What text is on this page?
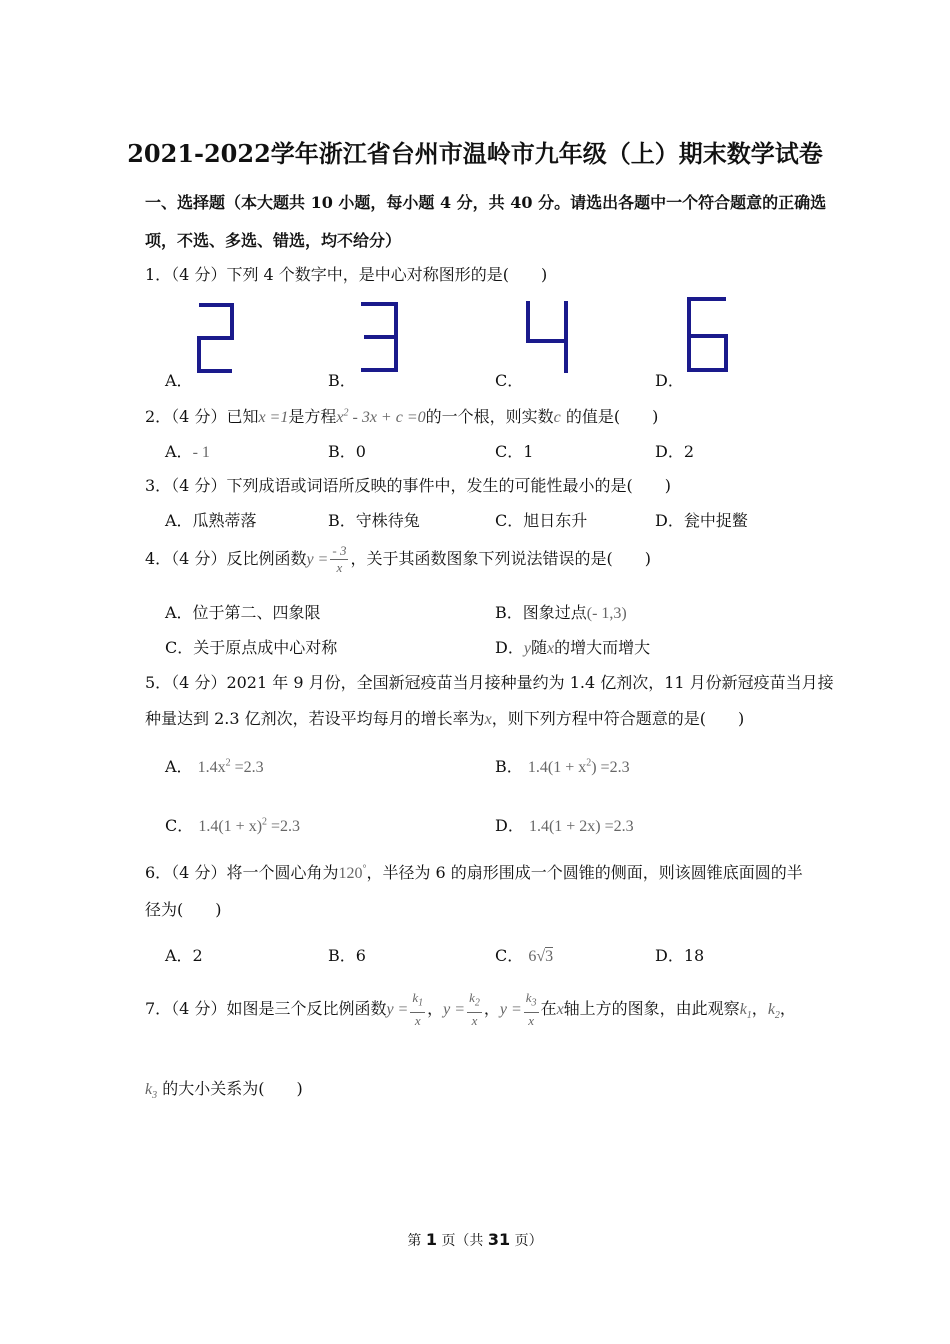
2021-2022学年浙江省台州市温岭市九年级（上）期末数学试卷
一、选择题（本大题共 10 小题，每小题 4 分，共 40 分。请选出各题中一个符合题意的正确选
项，不选、多选、错选，均不给分）
1．（4 分）下列 4 个数字中，是中心对称图形的是(　　)
A．	B．	C．	D．
2．（4 分）已知x =1是方程$x^2 - 3x + c =0$的一个根，则实数c 的值是(　　)
A．- 1	B．0	C．1	D．2
3．（4 分）下列成语或词语所反映的事件中，发生的可能性最小的是(　　)
A．瓜熟蒂落	B．守株待兔	C．旭日东升	D．瓮中捉鳖
4．（4 分）反比例函数$y = \frac{- 3}{x}$ ，关于其函数图象下列说法错误的是(　　)
A．位于第二、四象限	B．图象过点(- 1,3)
C．关于原点成中心对称	D．y随x的增大而增大
5．（4 分）2021 年 9 月份，全国新冠疫苗当月接种量约为 1.4 亿剂次，11 月份新冠疫苗当月接
种量达到 2.3 亿剂次，若设平均每月的增长率为x，则下列方程中符合题意的是(　　)
A． $1.4x^2 =2.3$	B． $1.4(1 + x^2) =2.3$
C． $1.4(1 + x)^2 =2.3$	D． 1.4(1 + 2x) =2.3
6．（4 分）将一个圆心角为120°，半径为 6 的扇形围成一个圆锥的侧面，则该圆锥底面圆的半
径为(　　)
A．2	B．6	C． 6√3	D．18
7．（4 分）如图是三个反比例函数$y = \frac{k_1}{x}$ ，$y = \frac{k_2}{x}$ ，$y = \frac{k_3}{x}$ 在x轴上方的图象，由此观察$k_1$，$k_2$，
$k_3$ 的大小关系为(　　)
第 1 页（共 31 页）
